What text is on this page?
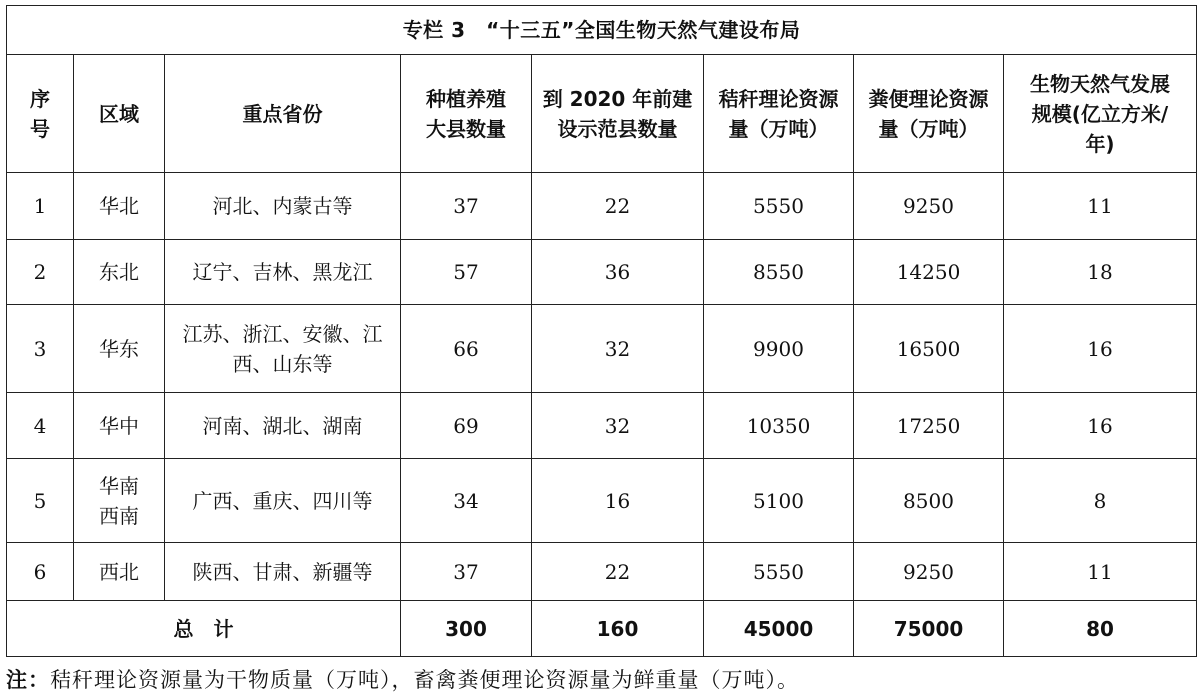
专栏 3　“十三五”全国生物天然气建设布局							

序号	区域	重点省份	种植养殖大县数量	到 2020 年前建设示范县数量	秸秆理论资源量（万吨）	粪便理论资源量（万吨）	生物天然气发展规模(亿立方米/年)

1	华北	河北、内蒙古等	37	22	5550	9250	11
2	东北	辽宁、吉林、黑龙江	57	36	8550	14250	18
3	华东	江苏、浙江、安徽、江西、山东等	66	32	9900	16500	16
4	华中	河南、湖北、湖南	69	32	10350	17250	16
5	华南西南	广西、重庆、四川等	34	16	5100	8500	8
6	西北	陕西、甘肃、新疆等	37	22	5550	9250	11
总　计			300	160	45000	75000	80
注：秸秆理论资源量为干物质量（万吨），畜禽粪便理论资源量为鲜重量（万吨）。
